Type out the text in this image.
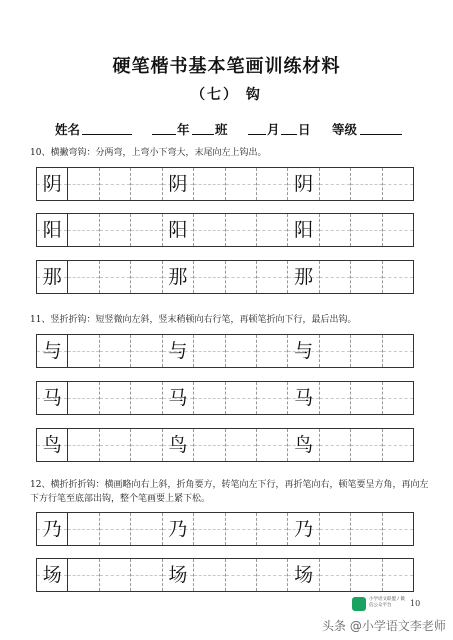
硬笔楷书基本笔画训练材料
（七） 钩
姓名	年 班	月 日 等级
10、横撇弯钩：分两弯，上弯小下弯大，末尾向左上钩出。
阴	阴	阴
阳	阳	阳
那	那	那
11、竖折折钩：短竖微向左斜，竖末稍顿向右行笔，再顿笔折向下行，最后出钩。
与	与	与
马	马	马
鸟	鸟	鸟
12、横折折折钩：横画略向右上斜，折角要方，转笔向左下行，再折笔向右，顿笔要呈方角，再向左下方行笔至底部出钩，整个笔画要上紧下松。
乃	乃	乃
场	场	场
小学语文联盟 / 微信公众平台	10
头条 @小学语文李老师
